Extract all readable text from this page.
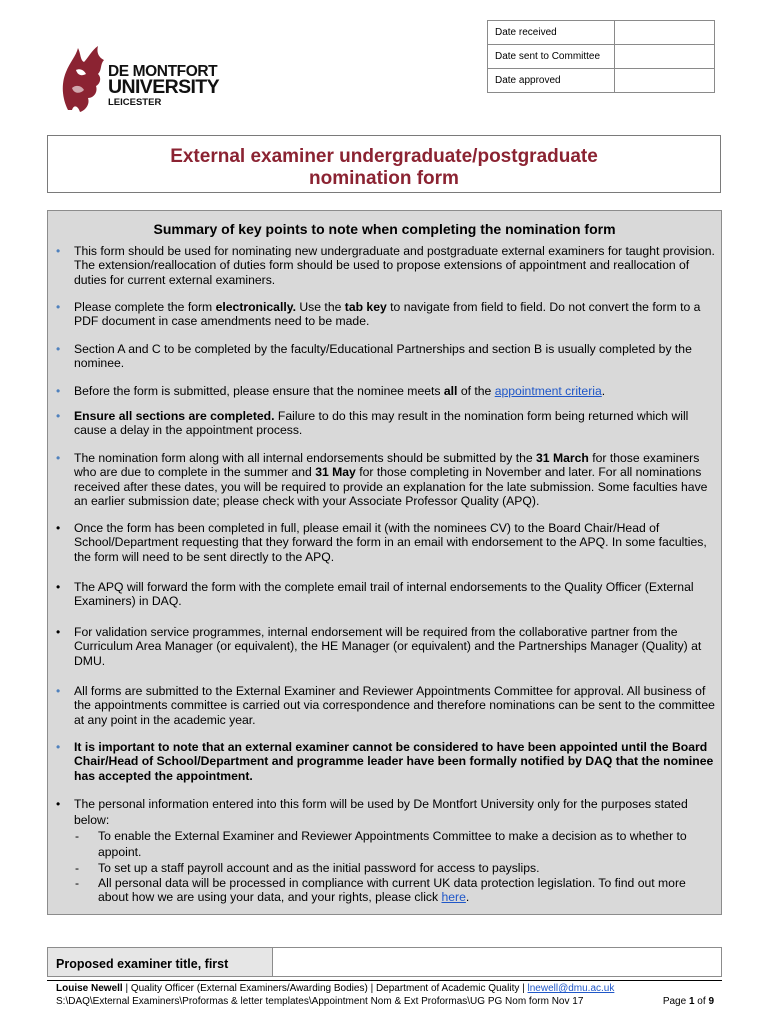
Date received	
Date sent to Committee	
Date approved	
DE MONTFORT
UNIVERSITY
LEICESTER
External examiner undergraduate/postgraduate
nomination form
Summary of key points to note when completing the nomination form
• This form should be used for nominating new undergraduate and postgraduate external examiners for taught provision. The extension/reallocation of duties form should be used to propose extensions of appointment and reallocation of duties for current external examiners.
• Please complete the form electronically. Use the tab key to navigate from field to field. Do not convert the form to a PDF document in case amendments need to be made.
• Section A and C to be completed by the faculty/Educational Partnerships and section B is usually completed by the nominee.
• Before the form is submitted, please ensure that the nominee meets all of the appointment criteria.
• Ensure all sections are completed. Failure to do this may result in the nomination form being returned which will cause a delay in the appointment process.
• The nomination form along with all internal endorsements should be submitted by the 31 March for those examiners who are due to complete in the summer and 31 May for those completing in November and later. For all nominations received after these dates, you will be required to provide an explanation for the late submission. Some faculties have an earlier submission date; please check with your Associate Professor Quality (APQ).
• Once the form has been completed in full, please email it (with the nominees CV) to the Board Chair/Head of School/Department requesting that they forward the form in an email with endorsement to the APQ. In some faculties, the form will need to be sent directly to the APQ.
• The APQ will forward the form with the complete email trail of internal endorsements to the Quality Officer (External Examiners) in DAQ.
• For validation service programmes, internal endorsement will be required from the collaborative partner from the Curriculum Area Manager (or equivalent), the HE Manager (or equivalent) and the Partnerships Manager (Quality) at DMU.
• All forms are submitted to the External Examiner and Reviewer Appointments Committee for approval. All business of the appointments committee is carried out via correspondence and therefore nominations can be sent to the committee at any point in the academic year.
• It is important to note that an external examiner cannot be considered to have been appointed until the Board Chair/Head of School/Department and programme leader have been formally notified by DAQ that the nominee has accepted the appointment.
• The personal information entered into this form will be used by De Montfort University only for the purposes stated below:
- To enable the External Examiner and Reviewer Appointments Committee to make a decision as to whether to appoint.
- To set up a staff payroll account and as the initial password for access to payslips.
- All personal data will be processed in compliance with current UK data protection legislation. To find out more about how we are using your data, and your rights, please click here.
Proposed examiner title, first
Louise Newell | Quality Officer (External Examiners/Awarding Bodies) | Department of Academic Quality | lnewell@dmu.ac.uk
S:\DAQ\External Examiners\Proformas & letter templates\Appointment Nom & Ext Proformas\UG PG Nom form Nov 17	Page 1 of 9
